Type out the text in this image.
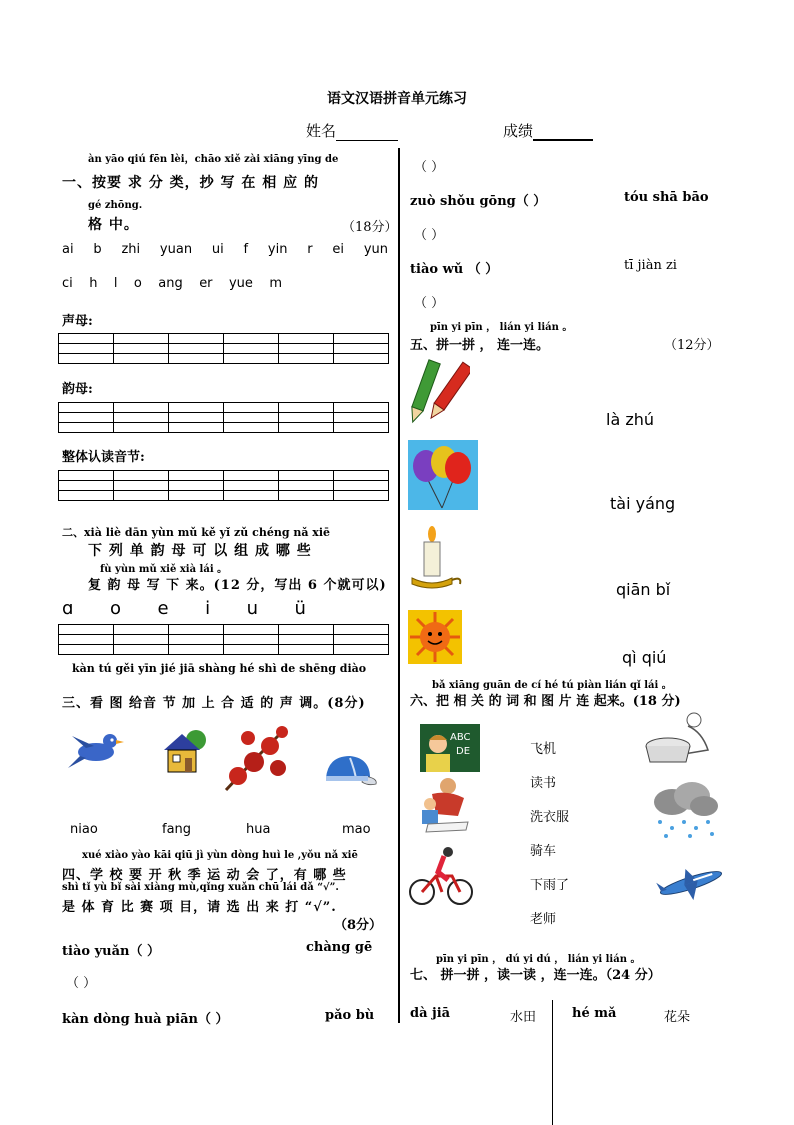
语文汉语拼音单元练习
姓名	成绩
àn yāo qiú fēn lèi，chāo xiě zài xiāng yīng de
一、按要 求 分 类，抄 写 在 相 应 的
gé zhōng.
格 中。	（18分）
ai b zhi yuan ui f yin r ei yun
ci h l o ang er yue m
声母:

韵母:

整体认读音节:

二、xià liè dān yùn mǔ kě yǐ zǔ chéng nǎ xiē
下 列 单 韵 母 可 以 组 成 哪 些
fù yùn mǔ xiě xià lái 。
复 韵 母 写 下 来。(12 分，写出 6 个就可以)
ɑ o e i u ü

kàn tú gěi yīn jié jiā shàng hé shì de shēng diào
三、看 图 给音 节 加 上 合 适 的 声 调。(8分)
niao	fang	hua	mao
xué xiào yào kāi qiū jì yùn dòng huì le ,yǒu nǎ xiē
四、学 校 要 开 秋 季 运 动 会 了，有 哪 些
shì tǐ yù bǐ sài xiàng mù,qǐng xuǎn chū lái dǎ “√”.
是 体 育 比 赛 项 目，请 选 出 来 打 “√”.
（8分）
tiào yuǎn（ ）	chàng gē
（ ）
kàn dòng huà piān（ ）	pǎo bù
（ ）
zuò shǒu gōng（ ）	tóu shā bāo
（ ）
tiào wǔ （ ）	tī jiàn zi
（ ）
pīn yi pīn ， lián yi lián 。
五、拼一拼 ， 连一连。	（12分）
là zhú
tài yáng
qiān bǐ
qì qiú
bǎ xiāng guān de cí hé tú piàn lián qǐ lái 。
六、把 相 关 的 词 和 图 片 连 起来。(18 分)
ABC
DE	飞机
读书
洗衣服
骑车
下雨了
老师
pīn yi pīn ， dú yi dú ， lián yi lián 。
七、 拼一拼 ，读一读 ，连一连。（24 分）
dà jiā	水田	hé mǎ	花朵
